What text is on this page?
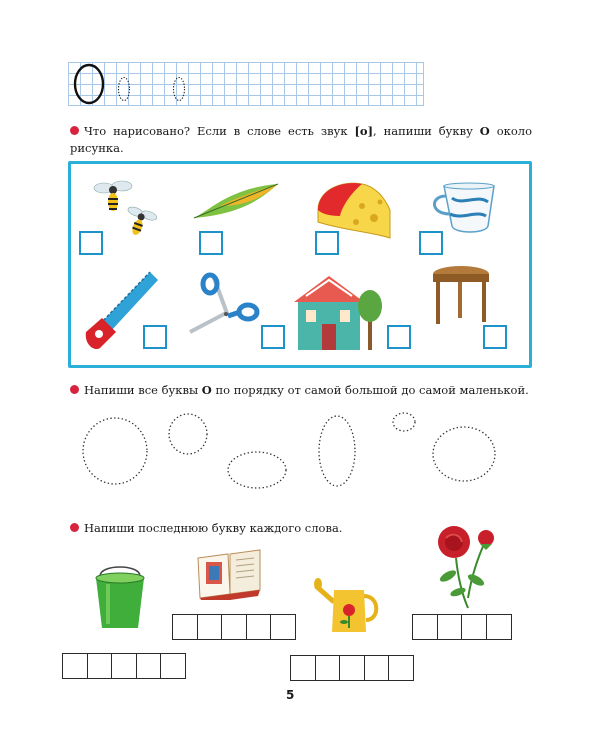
Что нарисовано? Если в слове есть звук [о], напиши букву О около рисунка.

Напиши все буквы О по порядку от самой большой до самой маленькой.

Напиши последнюю букву каждого слова.

5
